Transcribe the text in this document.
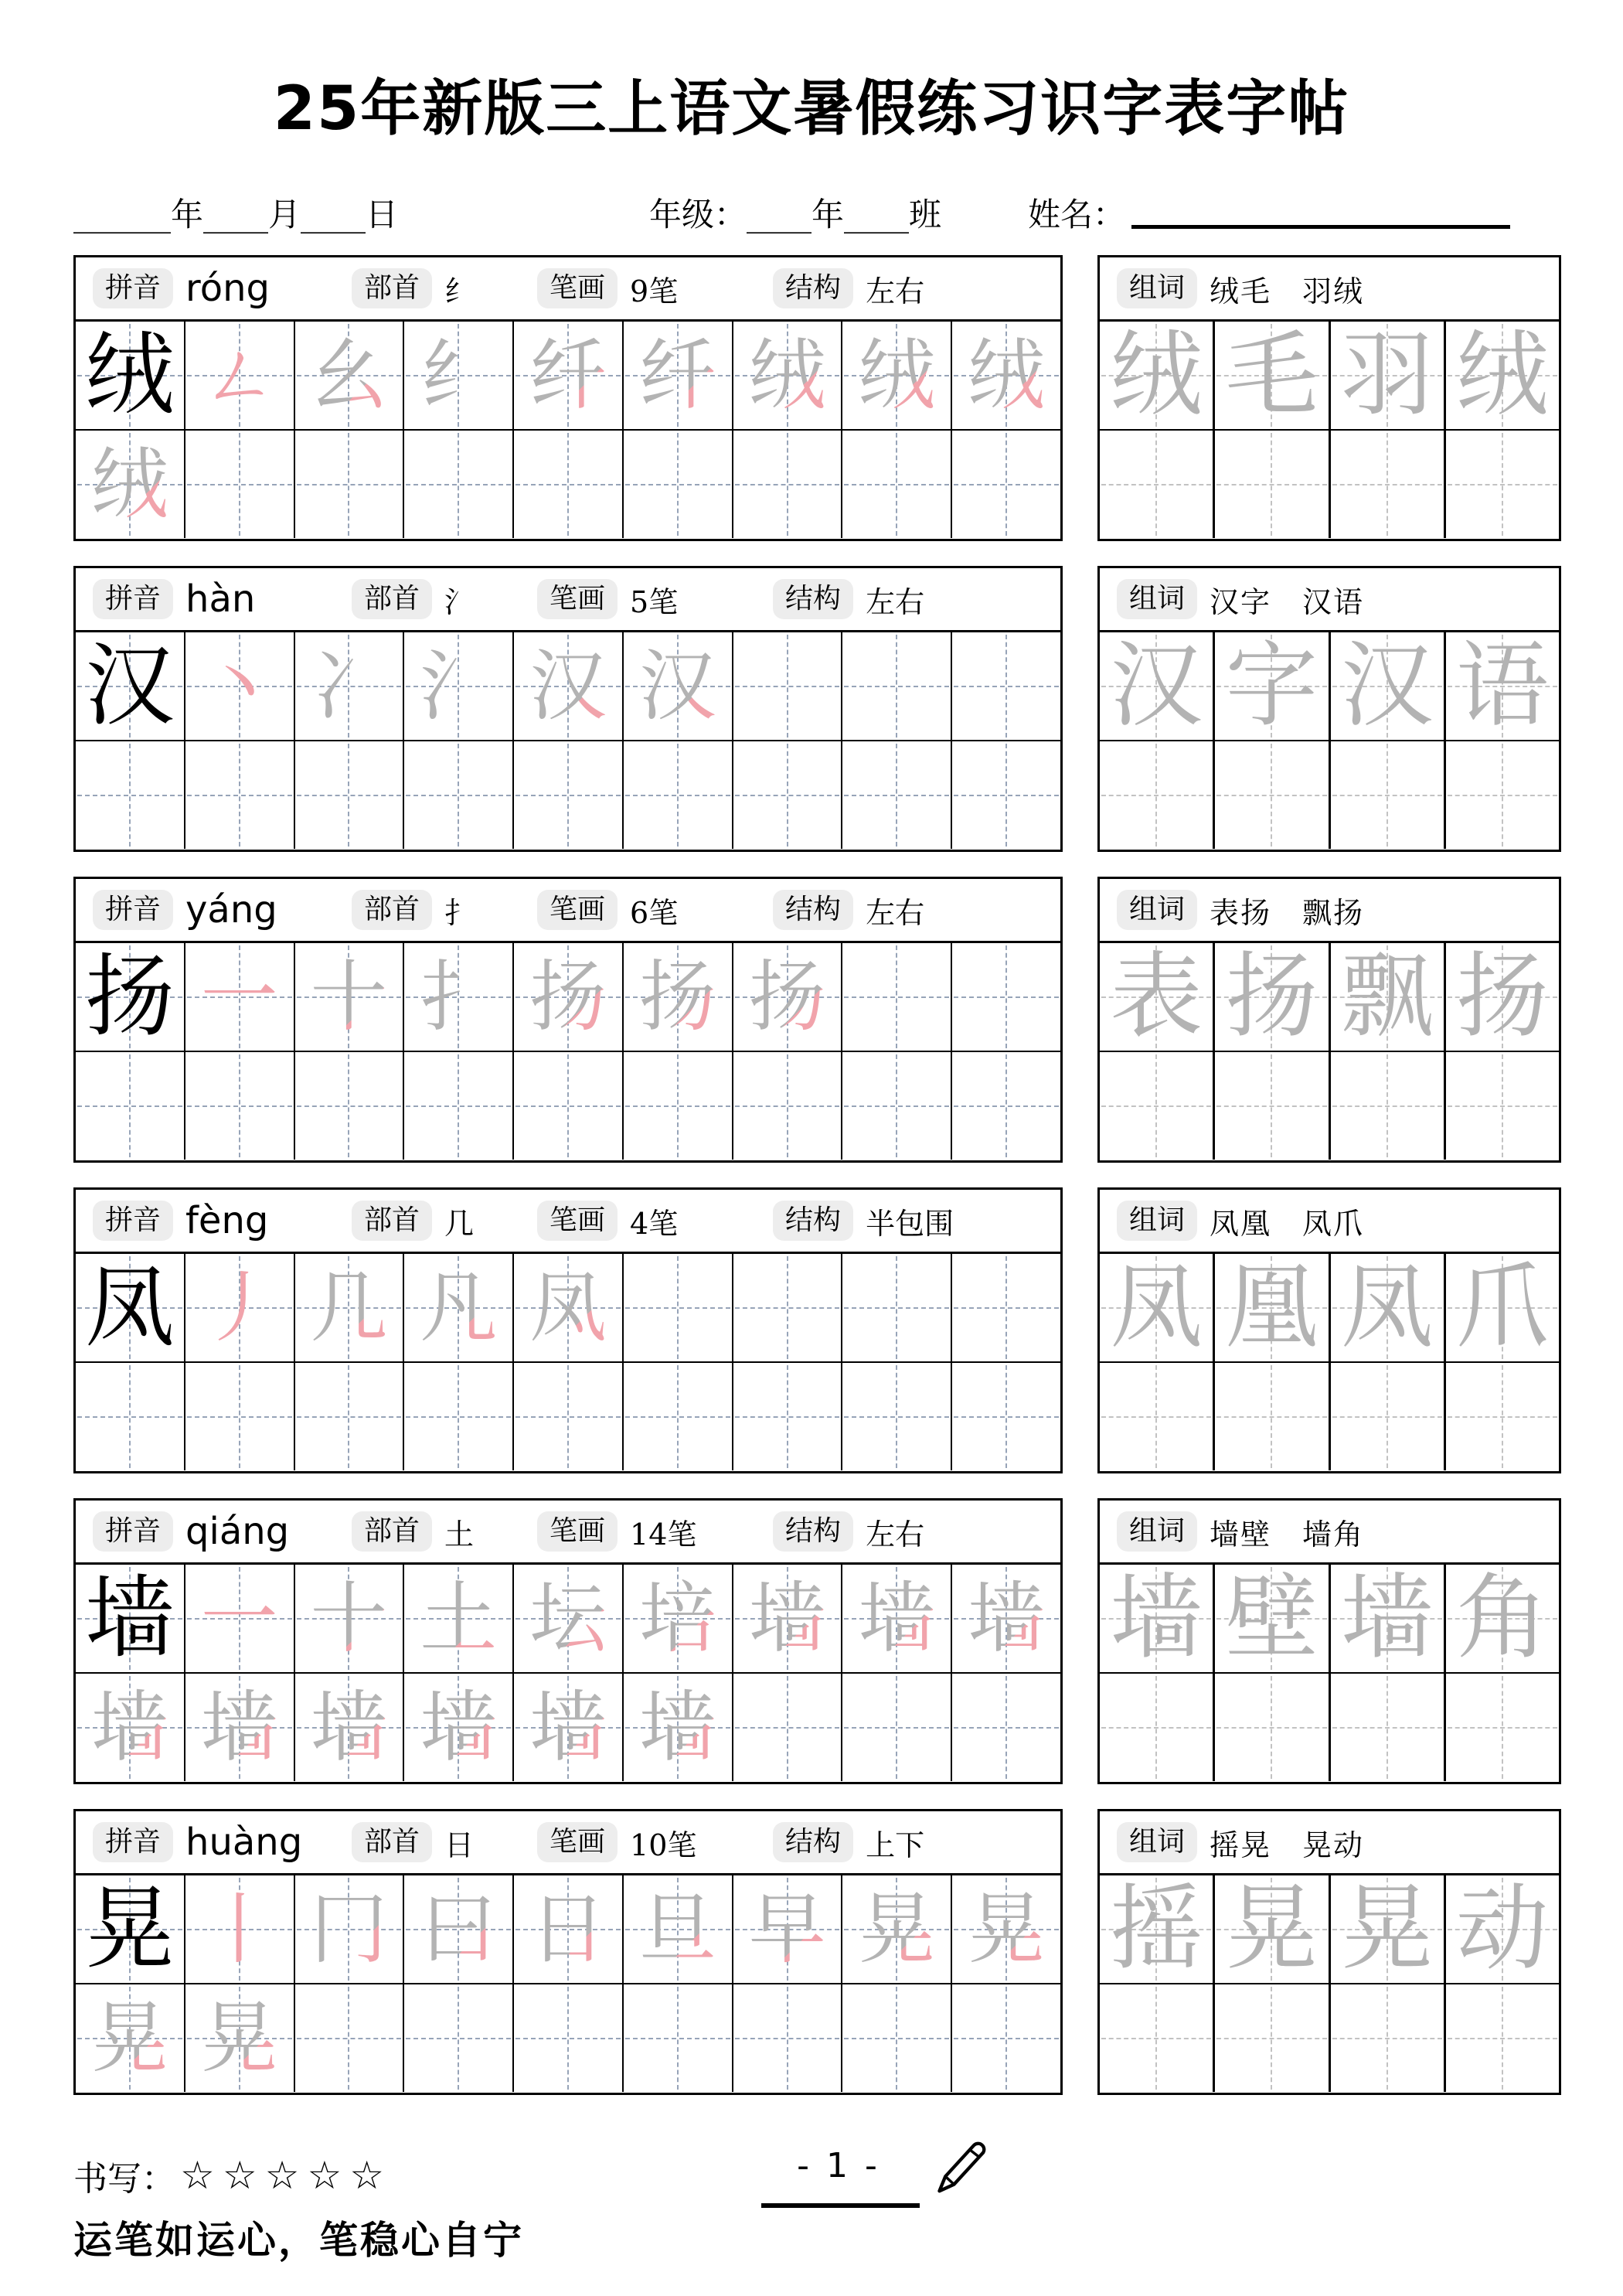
25年新版三上语文暑假练习识字表字帖
______年____月____日	年级：____年____班	姓名：
拼音 róng	部首 纟	笔画 9笔	结构 左右
绒 ㄥ 幺 纟 纤 纤 绒 绒 绒
绒
组词 绒毛　羽绒
绒 毛 羽 绒
拼音 hàn	部首 氵	笔画 5笔	结构 左右
汉 丶 冫 氵 汉 汉
组词 汉字　汉语
汉 字 汉 语
拼音 yáng	部首 扌	笔画 6笔	结构 左右
扬 一 十 扌 扬 扬 扬
组词 表扬　飘扬
表 扬 飘 扬
拼音 fèng	部首 几	笔画 4笔	结构 半包围
凤 丿 几 凡 凤
组词 凤凰　凤爪
凤 凰 凤 爪
拼音 qiáng	部首 土	笔画 14笔	结构 左右
墙 一 十 土 坛 培 墙 墙 墙
墙 墙 墙 墙 墙 墙
组词 墙壁　墙角
墙 壁 墙 角
拼音 huàng	部首 日	笔画 10笔	结构 上下
晃 丨 冂 曰 日 旦 早 晃 晃
晃 晃
组词 摇晃　晃动
摇 晃 晃 动
书写： ☆☆☆☆☆	- 1 -
运笔如运心，笔稳心自宁
